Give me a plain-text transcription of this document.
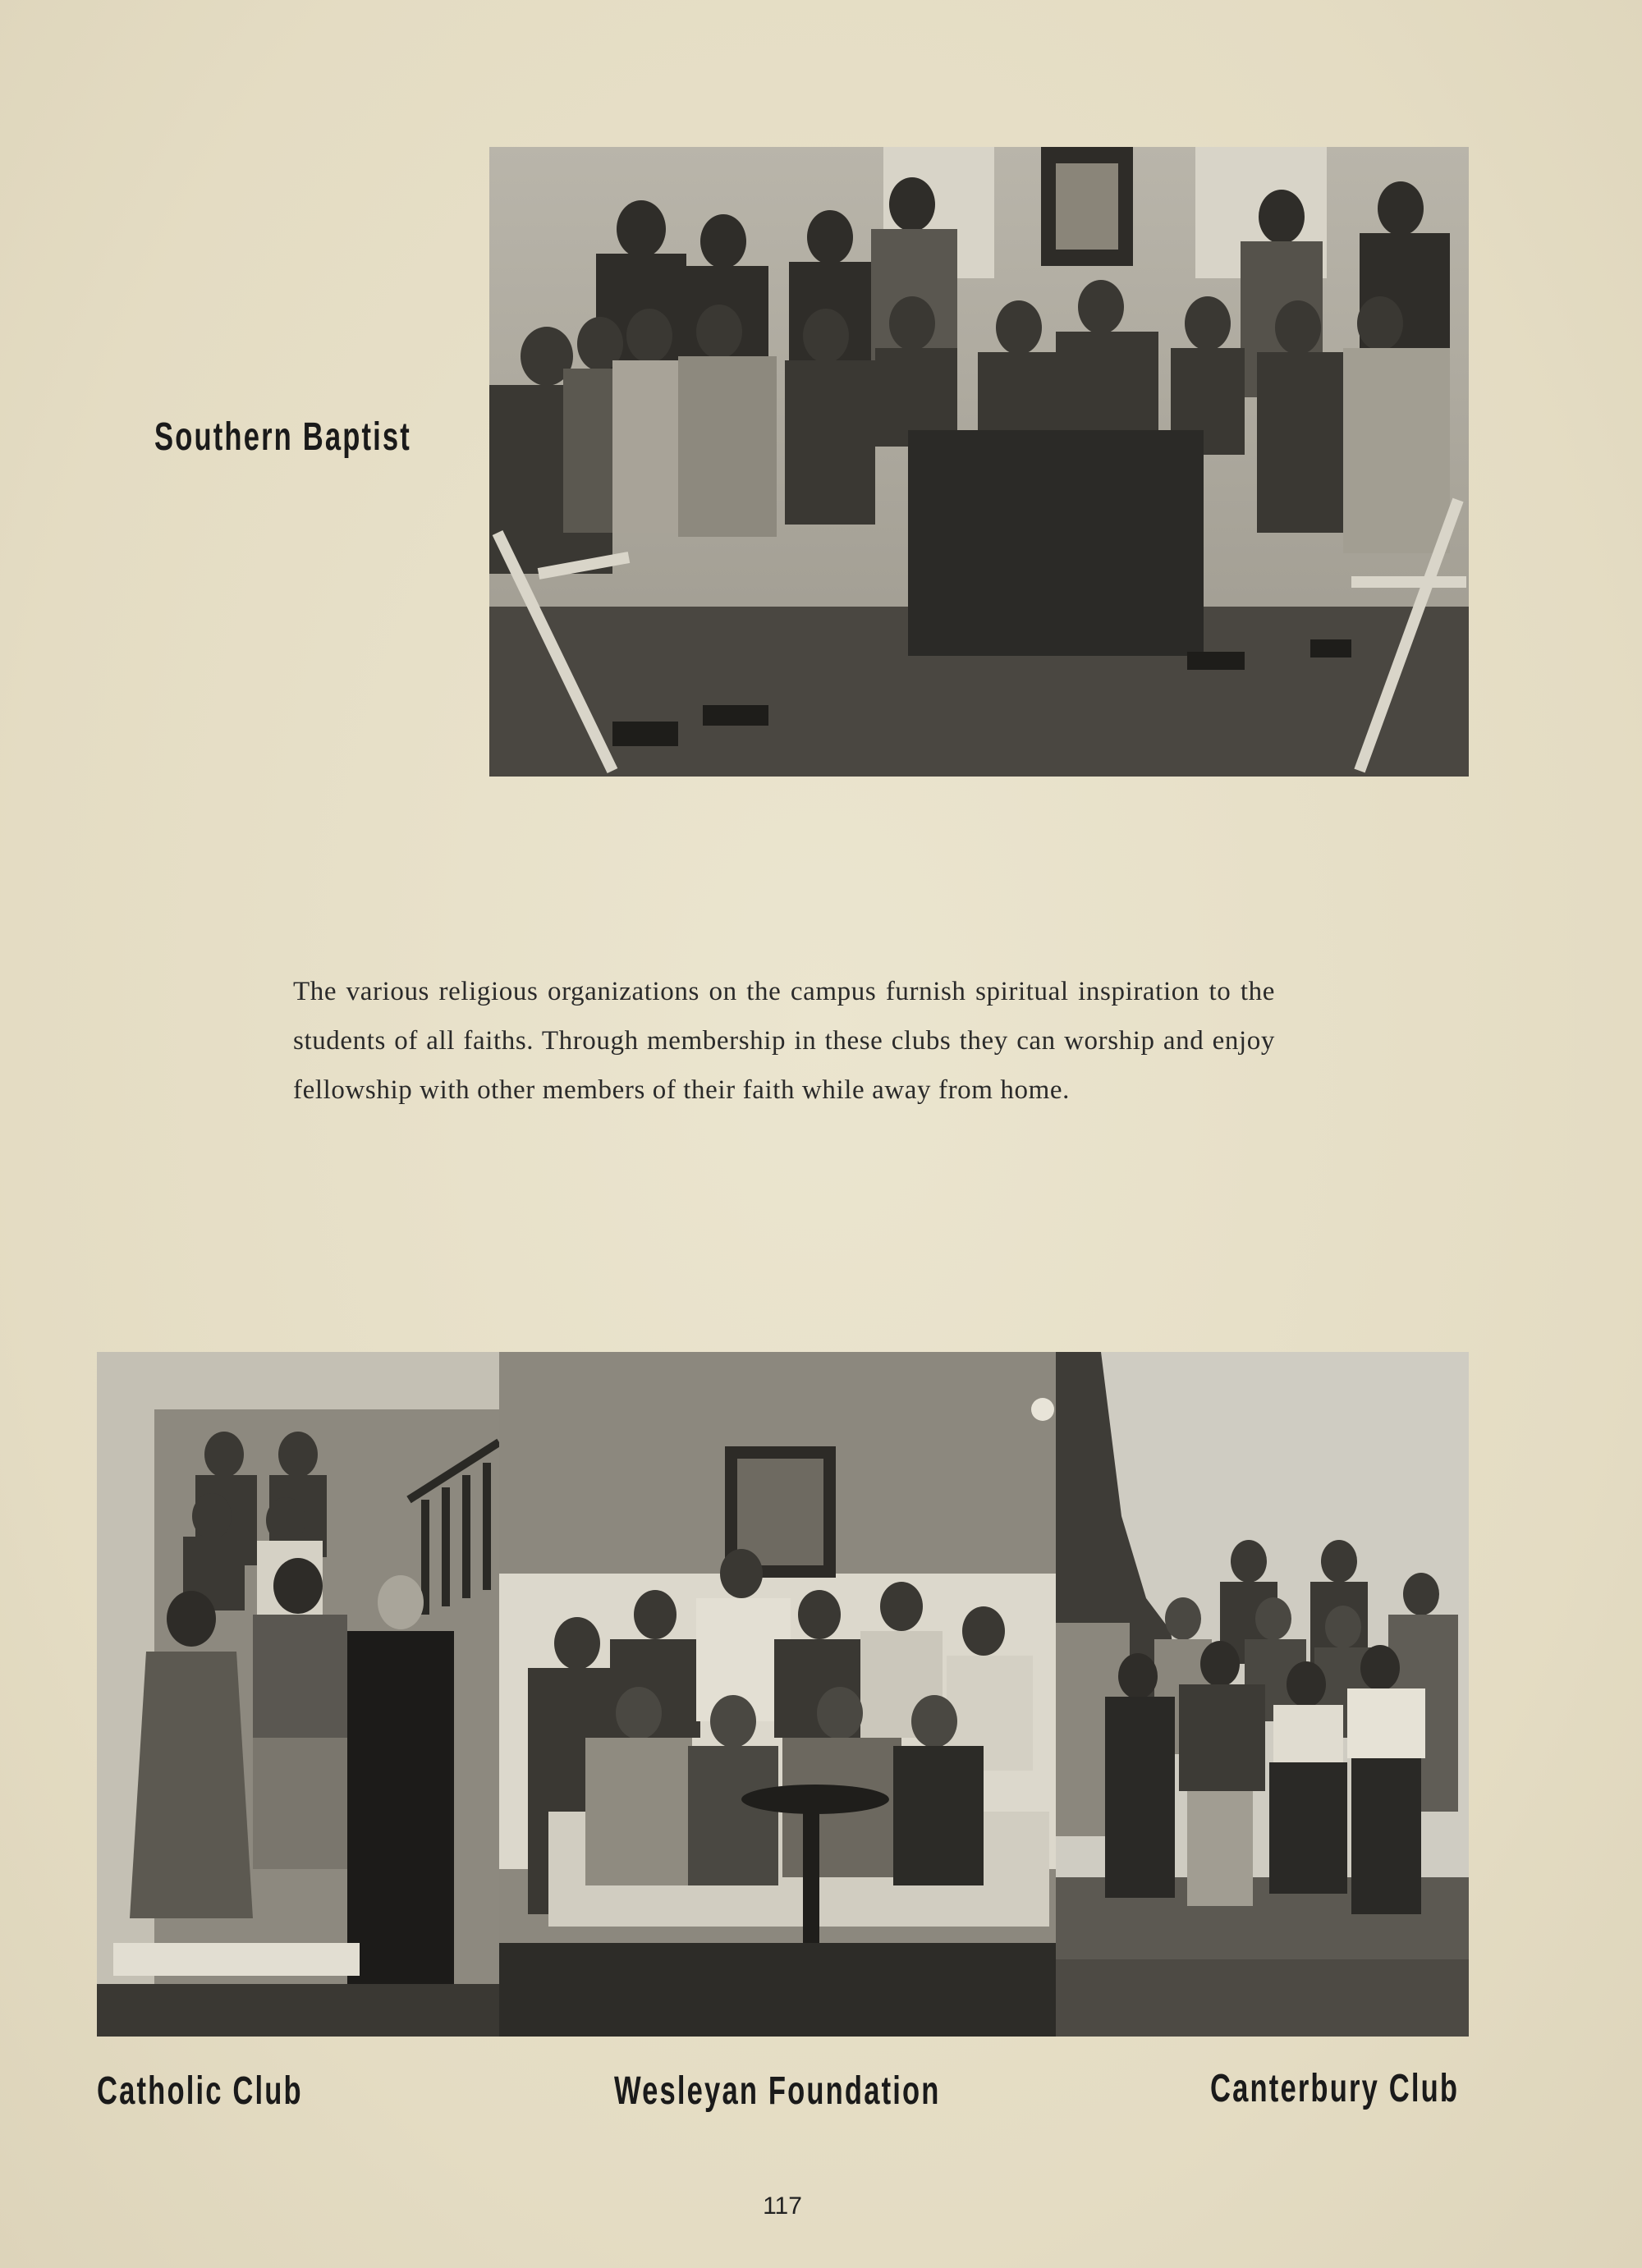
Southern Baptist
The various religious organizations on the campus furnish spiritual inspiration to the students of all faiths. Through membership in these clubs they can worship and enjoy fellowship with other members of their faith while away from home.
Catholic Club	Wesleyan Foundation	Canterbury Club
117
